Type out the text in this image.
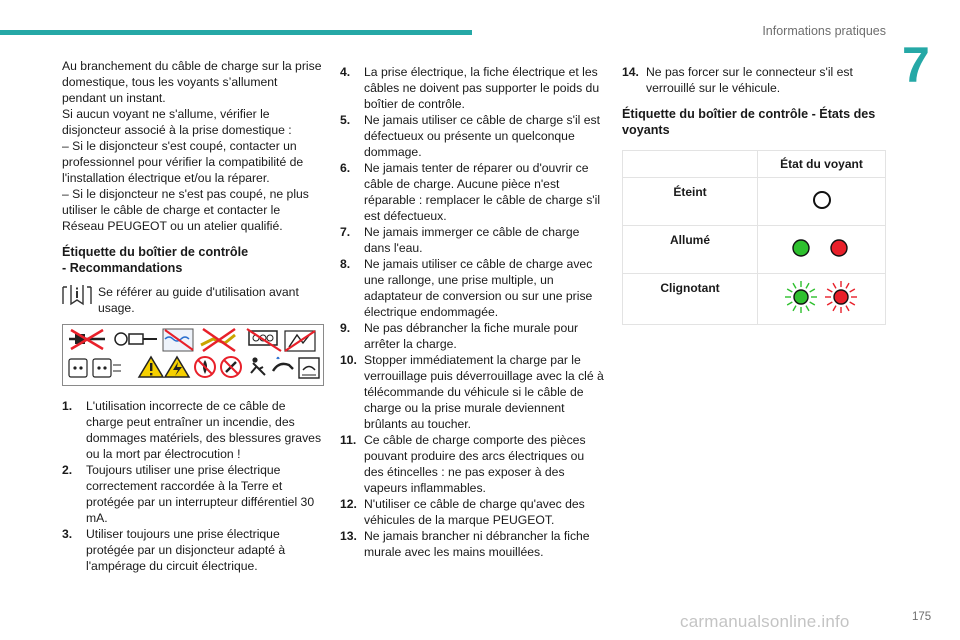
Informations pratiques
7
Au branchement du câble de charge sur la prise domestique, tous les voyants s’allument pendant un instant.
Si aucun voyant ne s'allume, vérifier le disjoncteur associé à la prise domestique :
– Si le disjoncteur s'est coupé, contacter un professionnel pour vérifier la compatibilité de l'installation électrique et/ou la réparer.
– Si le disjoncteur ne s'est pas coupé, ne plus utiliser le câble de charge et contacter le Réseau PEUGEOT ou un atelier qualifié.
Étiquette du boîtier de contrôle - Recommandations
Se référer au guide d'utilisation avant usage.
1.	L'utilisation incorrecte de ce câble de charge peut entraîner un incendie, des dommages matériels, des blessures graves ou la mort par électrocution !
2.	Toujours utiliser une prise électrique correctement raccordée à la Terre et protégée par un interrupteur différentiel 30 mA.
3.	Utiliser toujours une prise électrique protégée par un disjoncteur adapté à l'ampérage du circuit électrique.
4.	La prise électrique, la fiche électrique et les câbles ne doivent pas supporter le poids du boîtier de contrôle.
5.	Ne jamais utiliser ce câble de charge s'il est défectueux ou présente un quelconque dommage.
6.	Ne jamais tenter de réparer ou d'ouvrir ce câble de charge. Aucune pièce n'est réparable : remplacer le câble de charge s'il est défectueux.
7.	Ne jamais immerger ce câble de charge dans l'eau.
8.	Ne jamais utiliser ce câble de charge avec une rallonge, une prise multiple, un adaptateur de conversion ou sur une prise électrique endommagée.
9.	Ne pas débrancher la fiche murale pour arrêter la charge.
10. Stopper immédiatement la charge par le verrouillage puis déverrouillage avec la clé à télécommande du véhicule si le câble de charge ou la prise murale deviennent brûlants au toucher.
11. Ce câble de charge comporte des pièces pouvant produire des arcs électriques ou des étincelles : ne pas exposer à des vapeurs inflammables.
12. N'utiliser ce câble de charge qu'avec des véhicules de la marque PEUGEOT.
13. Ne jamais brancher ni débrancher la fiche murale avec les mains mouillées.
14. Ne pas forcer sur le connecteur s'il est verrouillé sur le véhicule.
Étiquette du boîtier de contrôle - États des voyants
	État du voyant
Éteint	
Allumé	
Clignotant	
175
carmanualsonline.info
